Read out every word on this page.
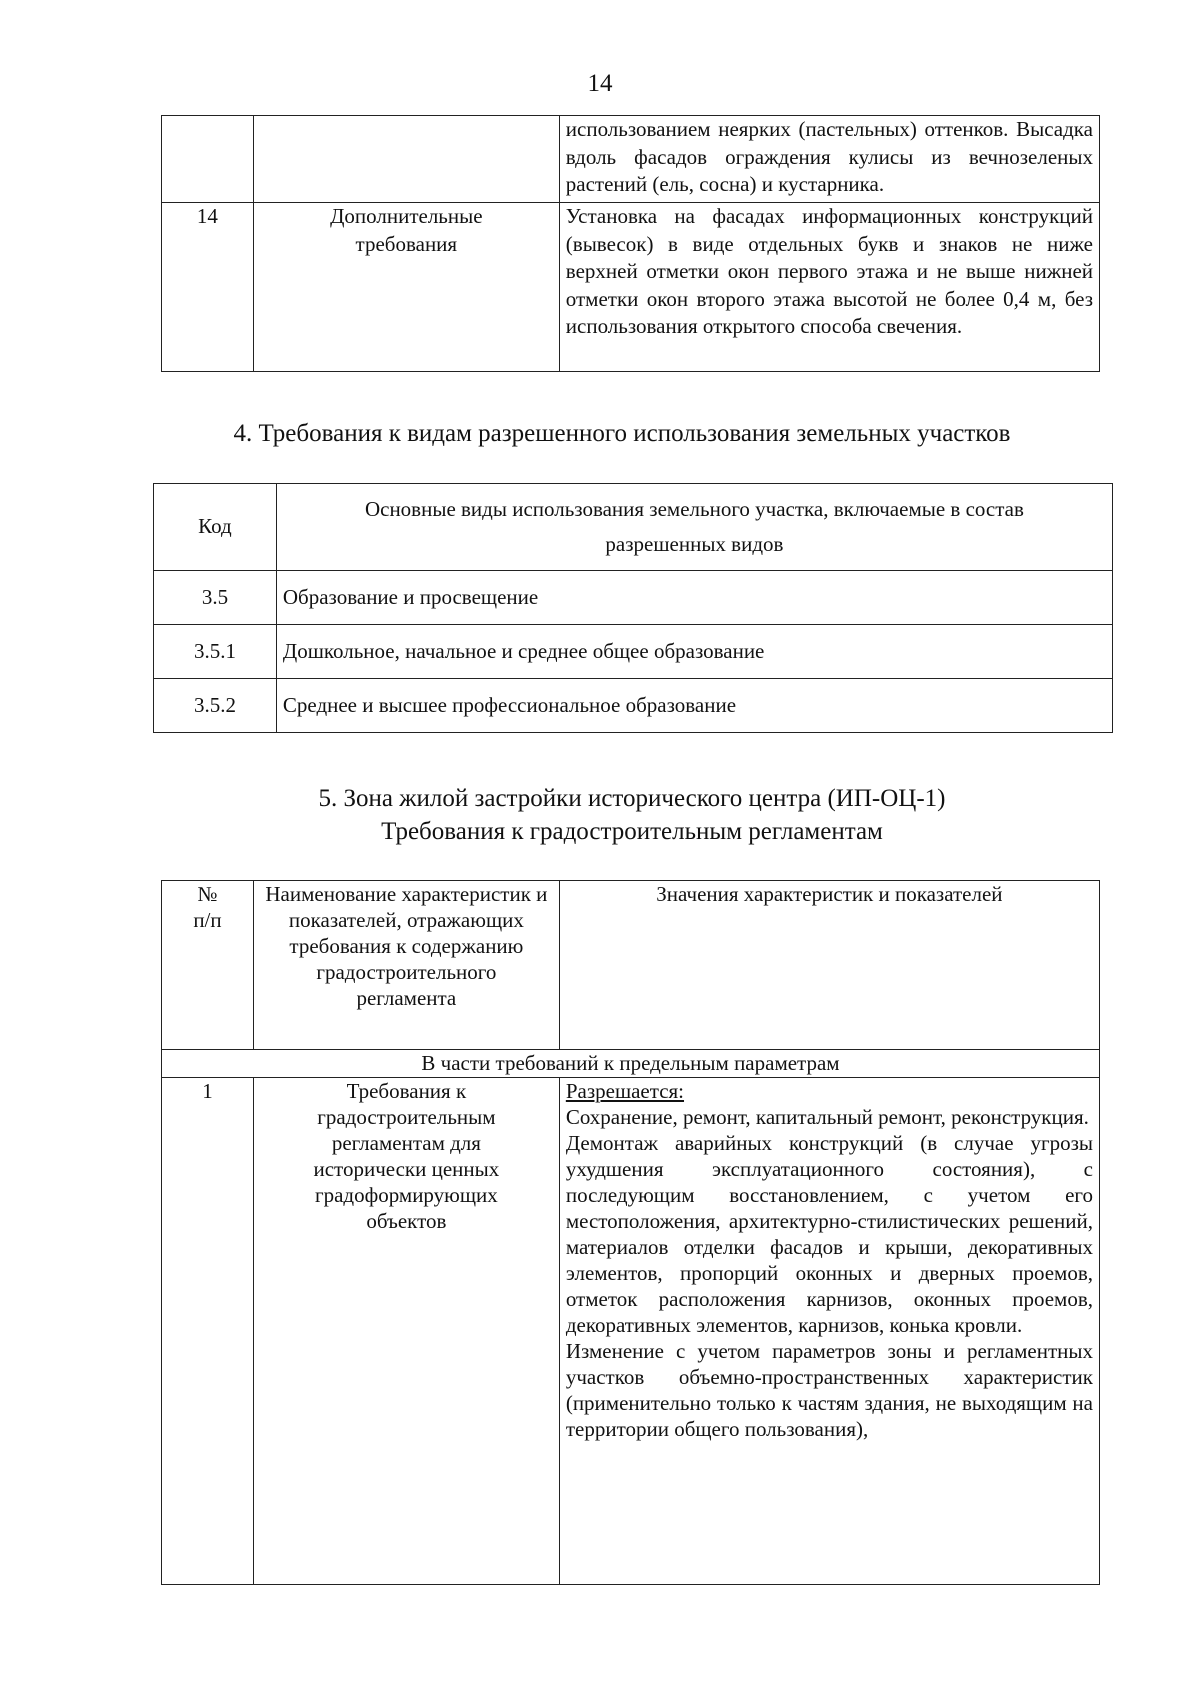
14
		использованием неярких (пастельных) оттенков. Высадка вдоль фасадов ограждения кулисы из вечнозеленых растений (ель, сосна) и кустарника.
14	Дополнительные требования	Установка на фасадах информационных конструкций (вывесок) в виде отдельных букв и знаков не ниже верхней отметки окон первого этажа и не выше нижней отметки окон второго этажа высотой не более 0,4 м, без использования открытого способа свечения.
4. Требования к видам разрешенного использования земельных участков
Код	Основные виды использования земельного участка, включаемые в состав разрешенных видов
3.5	Образование и просвещение
3.5.1	Дошкольное, начальное и среднее общее образование
3.5.2	Среднее и высшее профессиональное образование
5. Зона жилой застройки исторического центра (ИП-ОЦ-1)
Требования к градостроительным регламентам
№ п/п	Наименование характеристик и показателей, отражающих требования к содержанию градостроительного регламента	Значения характеристик и показателей
В части требований к предельным параметрам		
1	Требования к градостроительным регламентам для исторически ценных градоформирующих объектов	Разрешается:
Сохранение, ремонт, капитальный ремонт, реконструкция.
Демонтаж аварийных конструкций (в случае угрозы ухудшения эксплуатационного состояния), с последующим восстановлением, с учетом его местоположения, архитектурно-стилистических решений, материалов отделки фасадов и крыши, декоративных элементов, пропорций оконных и дверных проемов, отметок расположения карнизов, оконных проемов, декоративных элементов, карнизов, конька кровли.
Изменение с учетом параметров зоны и регламентных участков объемно-пространственных характеристик (применительно только к частям здания, не выходящим на территории общего пользования),
